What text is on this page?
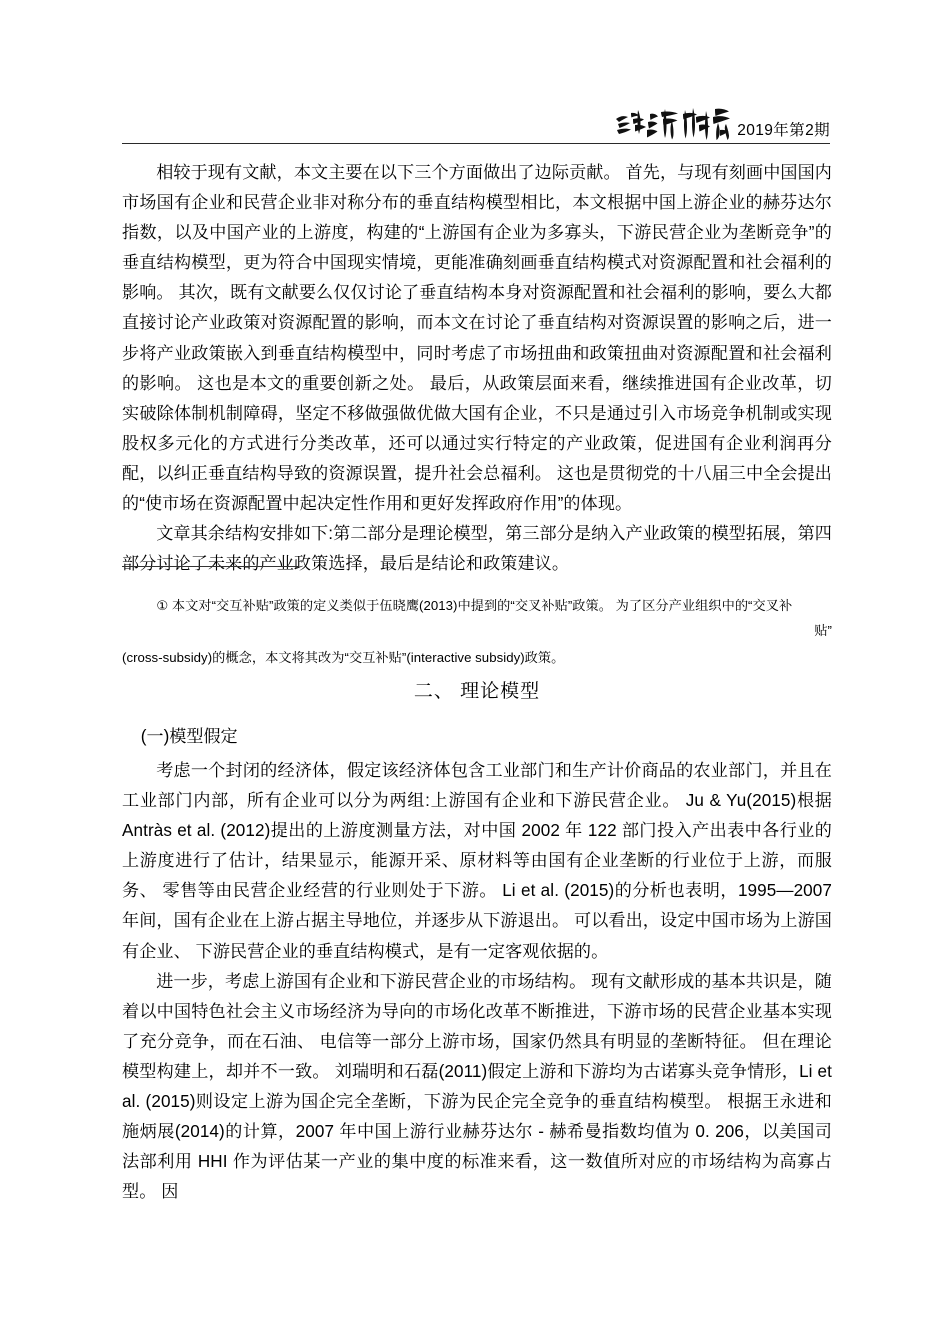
2019年第2期

相较于现有文献，本文主要在以下三个方面做出了边际贡献。 首先，与现有刻画中国国内市场国有企业和民营企业非对称分布的垂直结构模型相比，本文根据中国上游企业的赫芬达尔指数，以及中国产业的上游度，构建的“上游国有企业为多寡头，下游民营企业为垄断竞争”的垂直结构模型，更为符合中国现实情境，更能准确刻画垂直结构模式对资源配置和社会福利的影响。 其次，既有文献要么仅仅讨论了垂直结构本身对资源配置和社会福利的影响，要么大都直接讨论产业政策对资源配置的影响，而本文在讨论了垂直结构对资源误置的影响之后，进一步将产业政策嵌入到垂直结构模型中，同时考虑了市场扭曲和政策扭曲对资源配置和社会福利的影响。 这也是本文的重要创新之处。 最后，从政策层面来看，继续推进国有企业改革，切实破除体制机制障碍，坚定不移做强做优做大国有企业，不只是通过引入市场竞争机制或实现股权多元化的方式进行分类改革，还可以通过实行特定的产业政策，促进国有企业利润再分配，以纠正垂直结构导致的资源误置，提升社会总福利。 这也是贯彻党的十八届三中全会提出的“使市场在资源配置中起决定性作用和更好发挥政府作用”的体现。

文章其余结构安排如下:第二部分是理论模型，第三部分是纳入产业政策的模型拓展，第四部分讨论了未来的产业政策选择，最后是结论和政策建议。

① 本文对“交互补贴”政策的定义类似于伍晓鹰(2013)中提到的“交叉补贴”政策。 为了区分产业组织中的“交叉补
贴”

(cross-subsidy)的概念，本文将其改为“交互补贴”(interactive subsidy)政策。

二、 理论模型
(一)模型假定

考虑一个封闭的经济体，假定该经济体包含工业部门和生产计价商品的农业部门，并且在工业部门内部，所有企业可以分为两组:上游国有企业和下游民营企业。 Ju & Yu(2015)根据 Antràs et al. (2012)提出的上游度测量方法，对中国 2002 年 122 部门投入产出表中各行业的上游度进行了估计，结果显示，能源开采、原材料等由国有企业垄断的行业位于上游，而服务、 零售等由民营企业经营的行业则处于下游。 Li et al. (2015)的分析也表明，1995—2007 年间，国有企业在上游占据主导地位，并逐步从下游退出。 可以看出，设定中国市场为上游国有企业、 下游民营企业的垂直结构模式，是有一定客观依据的。

进一步，考虑上游国有企业和下游民营企业的市场结构。 现有文献形成的基本共识是，随着以中国特色社会主义市场经济为导向的市场化改革不断推进，下游市场的民营企业基本实现了充分竞争，而在石油、 电信等一部分上游市场，国家仍然具有明显的垄断特征。 但在理论模型构建上，却并不一致。 刘瑞明和石磊(2011)假定上游和下游均为古诺寡头竞争情形，Li et al. (2015)则设定上游为国企完全垄断，下游为民企完全竞争的垂直结构模型。 根据王永进和施炳展(2014)的计算，2007 年中国上游行业赫芬达尔 - 赫希曼指数均值为 0. 206，以美国司法部利用 HHI 作为评估某一产业的集中度的标准来看，这一数值所对应的市场结构为高寡占型。 因
